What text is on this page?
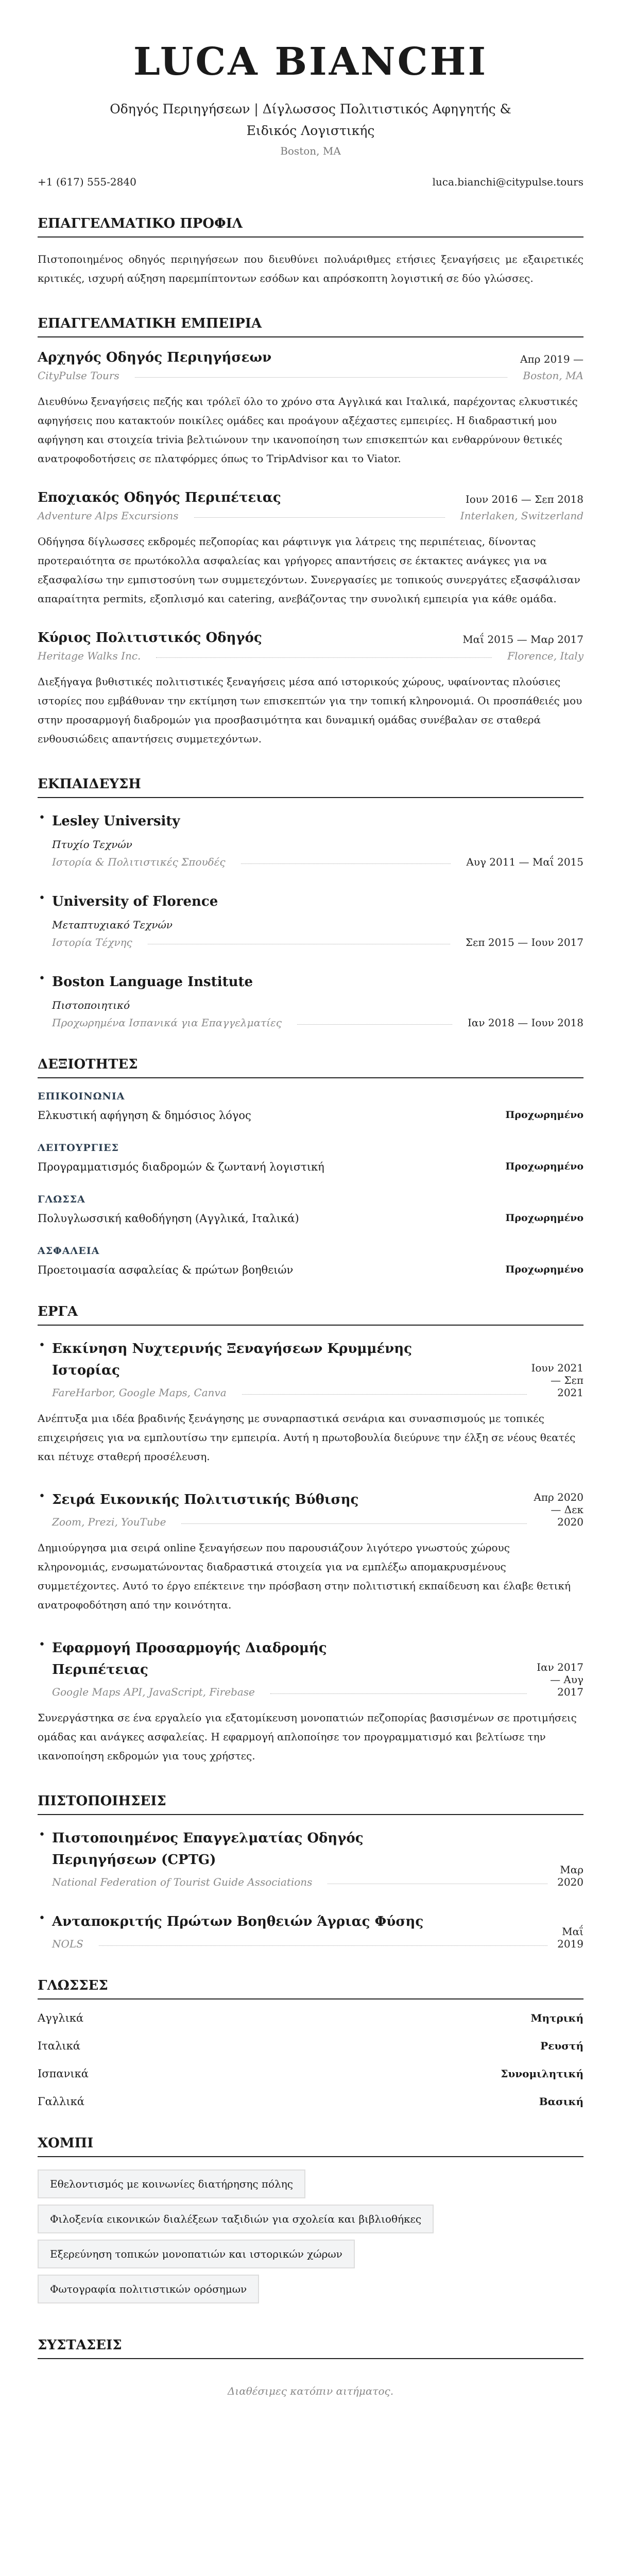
LUCA BIANCHI
Οδηγός Περιηγήσεων | Δίγλωσσος Πολιτιστικός Αφηγητής & Ειδικός Λογιστικής
Boston, MA
+1 (617) 555-2840	luca.bianchi@citypulse.tours
ΕΠΑΓΓΕΛΜΑΤΙΚΟ ΠΡΟΦΙΛ

Πιστοποιημένος οδηγός περιηγήσεων που διευθύνει πολυάριθμες ετήσιες ξεναγήσεις με εξαιρετικές κριτικές, ισχυρή αύξηση παρεμπίπτοντων εσόδων και απρόσκοπτη λογιστική σε δύο γλώσσες.

ΕΠΑΓΓΕΛΜΑΤΙΚΗ ΕΜΠΕΙΡΙΑ
Αρχηγός Οδηγός Περιηγήσεων	Απρ 2019 —
CityPulse Tours	Boston, MA

Διευθύνω ξεναγήσεις πεζής και τρόλεϊ όλο το χρόνο στα Αγγλικά και Ιταλικά, παρέχοντας ελκυστικές αφηγήσεις που κατακτούν ποικίλες ομάδες και προάγουν αξέχαστες εμπειρίες. Η διαδραστική μου αφήγηση και στοιχεία trivia βελτιώνουν την ικανοποίηση των επισκεπτών και ενθαρρύνουν θετικές ανατροφοδοτήσεις σε πλατφόρμες όπως το TripAdvisor και το Viator.

Εποχιακός Οδηγός Περιπέτειας	Ιουν 2016 — Σεπ 2018
Adventure Alps Excursions	Interlaken, Switzerland

Οδήγησα δίγλωσσες εκδρομές πεζοπορίας και ράφτινγκ για λάτρεις της περιπέτειας, δίνοντας προτεραιότητα σε πρωτόκολλα ασφαλείας και γρήγορες απαντήσεις σε έκτακτες ανάγκες για να εξασφαλίσω την εμπιστοσύνη των συμμετεχόντων. Συνεργασίες με τοπικούς συνεργάτες εξασφάλισαν απαραίτητα permits, εξοπλισμό και catering, ανεβάζοντας την συνολική εμπειρία για κάθε ομάδα.

Κύριος Πολιτιστικός Οδηγός	Μαΐ 2015 — Μαρ 2017
Heritage Walks Inc.	Florence, Italy

Διεξήγαγα βυθιστικές πολιτιστικές ξεναγήσεις μέσα από ιστορικούς χώρους, υφαίνοντας πλούσιες ιστορίες που εμβάθυναν την εκτίμηση των επισκεπτών για την τοπική κληρονομιά. Οι προσπάθειές μου στην προσαρμογή διαδρομών για προσβασιμότητα και δυναμική ομάδας συνέβαλαν σε σταθερά ενθουσιώδεις απαντήσεις συμμετεχόντων.

ΕΚΠΑΙΔΕΥΣΗ
• Lesley University
Πτυχίο Τεχνών
Ιστορία & Πολιτιστικές Σπουδές	Αυγ 2011 — Μαΐ 2015
• University of Florence
Μεταπτυχιακό Τεχνών
Ιστορία Τέχνης	Σεπ 2015 — Ιουν 2017
• Boston Language Institute
Πιστοποιητικό
Προχωρημένα Ισπανικά για Επαγγελματίες	Ιαν 2018 — Ιουν 2018
ΔΕΞΙΟΤΗΤΕΣ
ΕΠΙΚΟΙΝΩΝΙΑ
Ελκυστική αφήγηση & δημόσιος λόγος	Προχωρημένο
ΛΕΙΤΟΥΡΓΙΕΣ
Προγραμματισμός διαδρομών & ζωντανή λογιστική	Προχωρημένο
ΓΛΩΣΣΑ
Πολυγλωσσική καθοδήγηση (Αγγλικά, Ιταλικά)	Προχωρημένο
ΑΣΦΑΛΕΙΑ
Προετοιμασία ασφαλείας & πρώτων βοηθειών	Προχωρημένο
ΕΡΓΑ
• Εκκίνηση Νυχτερινής Ξεναγήσεων Κρυμμένης Ιστορίας
FareHarbor, Google Maps, Canva
Ιουν 2021 — Σεπ 2021

Ανέπτυξα μια ιδέα βραδινής ξενάγησης με συναρπαστικά σενάρια και συνασπισμούς με τοπικές επιχειρήσεις για να εμπλουτίσω την εμπειρία. Αυτή η πρωτοβουλία διεύρυνε την έλξη σε νέους θεατές και πέτυχε σταθερή προσέλευση.

• Σειρά Εικονικής Πολιτιστικής Βύθισης
Zoom, Prezi, YouTube
Απρ 2020 — Δεκ 2020

Δημιούργησα μια σειρά online ξεναγήσεων που παρουσιάζουν λιγότερο γνωστούς χώρους κληρονομιάς, ενσωματώνοντας διαδραστικά στοιχεία για να εμπλέξω απομακρυσμένους συμμετέχοντες. Αυτό το έργο επέκτεινε την πρόσβαση στην πολιτιστική εκπαίδευση και έλαβε θετική ανατροφοδότηση από την κοινότητα.

• Εφαρμογή Προσαρμογής Διαδρομής Περιπέτειας
Google Maps API, JavaScript, Firebase
Ιαν 2017 — Αυγ 2017

Συνεργάστηκα σε ένα εργαλείο για εξατομίκευση μονοπατιών πεζοπορίας βασισμένων σε προτιμήσεις ομάδας και ανάγκες ασφαλείας. Η εφαρμογή απλοποίησε τον προγραμματισμό και βελτίωσε την ικανοποίηση εκδρομών για τους χρήστες.

ΠΙΣΤΟΠΟΙΗΣΕΙΣ
• Πιστοποιημένος Επαγγελματίας Οδηγός Περιηγήσεων (CPTG)
National Federation of Tourist Guide Associations
Μαρ 2020
• Ανταποκριτής Πρώτων Βοηθειών Άγριας Φύσης
NOLS
Μαΐ 2019
ΓΛΩΣΣΕΣ
Αγγλικά	Μητρική
Ιταλικά	Ρευστή
Ισπανικά	Συνομιλητική
Γαλλικά	Βασική
ΧΟΜΠΙ
Εθελοντισμός με κοινωνίες διατήρησης πόλης
Φιλοξενία εικονικών διαλέξεων ταξιδιών για σχολεία και βιβλιοθήκες
Εξερεύνηση τοπικών μονοπατιών και ιστορικών χώρων
Φωτογραφία πολιτιστικών ορόσημων
ΣΥΣΤΑΣΕΙΣ
Διαθέσιμες κατόπιν αιτήματος.
